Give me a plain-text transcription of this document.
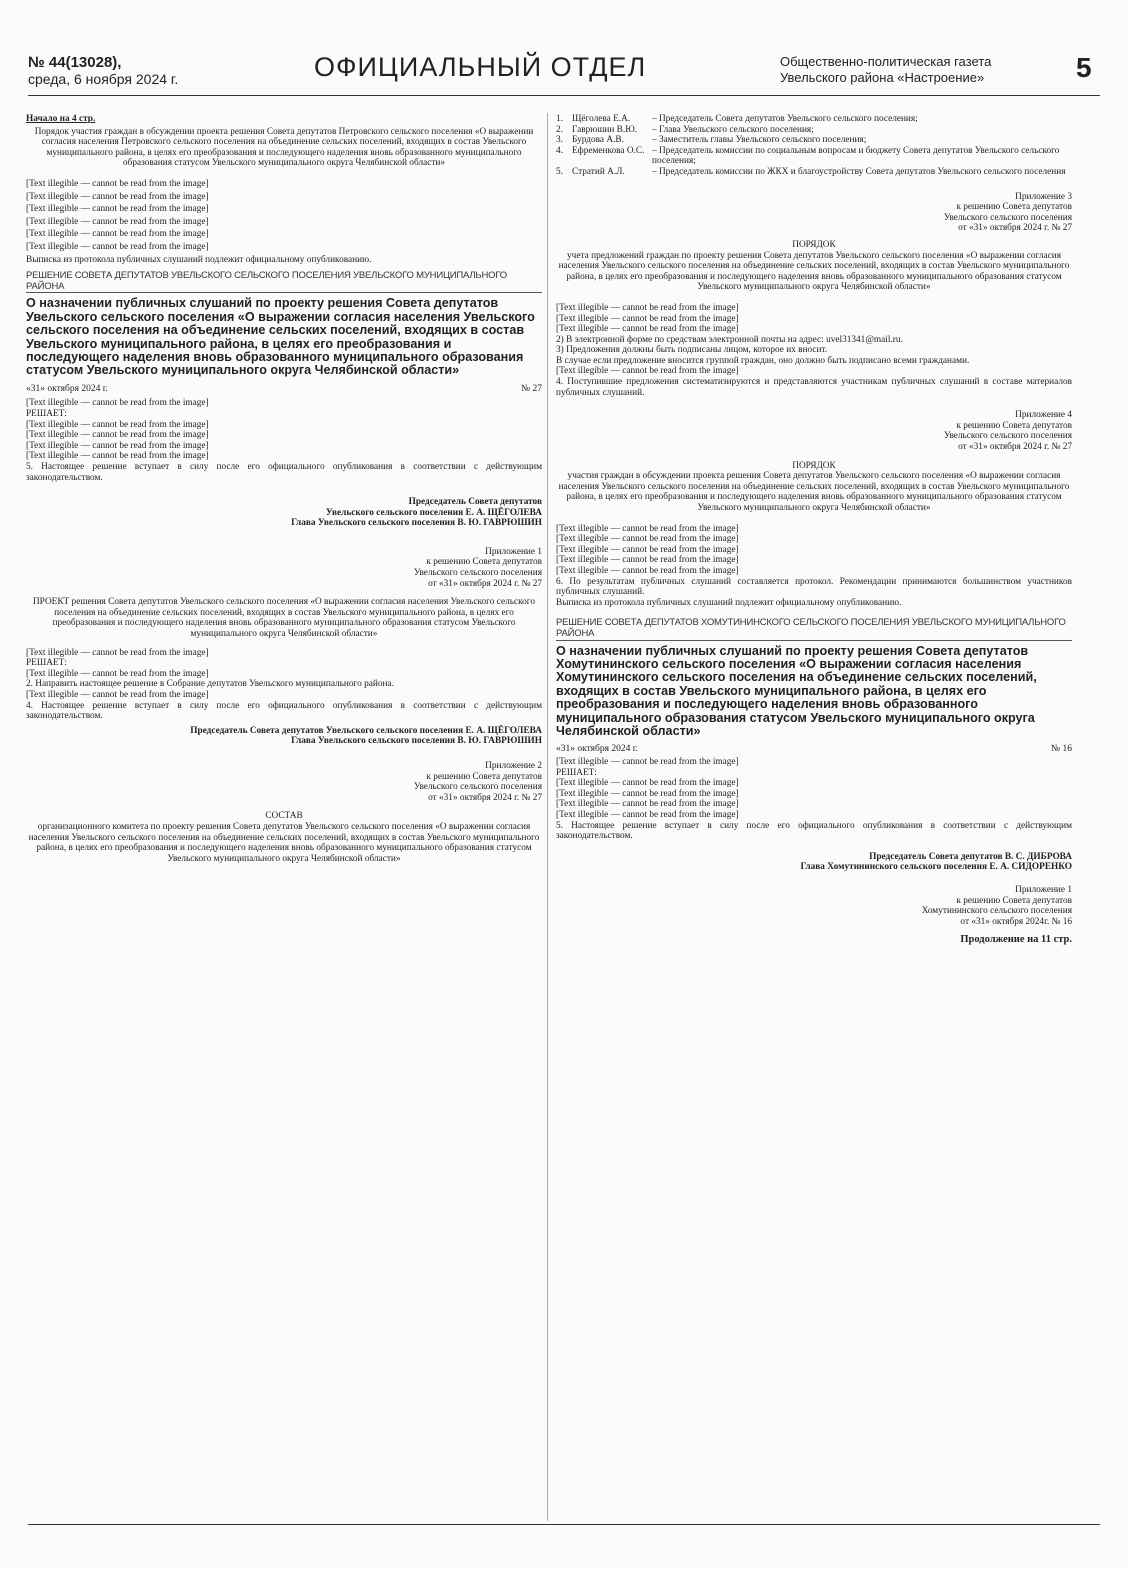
№ 44(13028),
среда, 6 ноября 2024 г.	ОФИЦИАЛЬНЫЙ ОТДЕЛ	Общественно-политическая газета
Увельского района «Настроение»	5
Начало на 4 стр.
Порядок участия граждан в обсуждении проекта решения Совета депутатов Петровского сельского поселения «О выражении согласия населения Петровского сельского поселения на объединение сельских поселений, входящих в состав Увельского муниципального района, в целях его преобразования и последующего наделения вновь образованного муниципального образования статусом Увельского муниципального округа Челябинской области»
[Text illegible — cannot be read from the image]
[Text illegible — cannot be read from the image]
[Text illegible — cannot be read from the image]
[Text illegible — cannot be read from the image]
[Text illegible — cannot be read from the image]
[Text illegible — cannot be read from the image]
Выписка из протокола публичных слушаний подлежит официальному опубликованию.
РЕШЕНИЕ СОВЕТА ДЕПУТАТОВ УВЕЛЬСКОГО СЕЛЬСКОГО ПОСЕЛЕНИЯ УВЕЛЬСКОГО МУНИЦИПАЛЬНОГО РАЙОНА
О назначении публичных слушаний по проекту решения Совета депутатов Увельского сельского поселения «О выражении согласия населения Увельского сельского поселения на объединение сельских поселений, входящих в состав Увельского муниципального района, в целях его преобразования и последующего наделения вновь образованного муниципального образования статусом Увельского муниципального округа Челябинской области»
«31» октября 2024 г.	№ 27
[Text illegible — cannot be read from the image]
РЕШАЕТ:
[Text illegible — cannot be read from the image]
[Text illegible — cannot be read from the image]
[Text illegible — cannot be read from the image]
[Text illegible — cannot be read from the image]
5. Настоящее решение вступает в силу после его официального опубликования в соответствии с действующим законодательством.
Председатель Совета депутатов
Увельского сельского поселения Е. А. ЩЁГОЛЕВА
Глава Увельского сельского поселения В. Ю. ГАВРЮШИН
Приложение 1
к решению Совета депутатов
Увельского сельского поселения
от «31» октября 2024 г. № 27
ПРОЕКТ решения Совета депутатов Увельского сельского поселения «О выражении согласия населения Увельского сельского поселения на объединение сельских поселений, входящих в состав Увельского муниципального района, в целях его преобразования и последующего наделения вновь образованного муниципального образования статусом Увельского муниципального округа Челябинской области»
[Text illegible — cannot be read from the image]
РЕШАЕТ:
[Text illegible — cannot be read from the image]
2. Направить настоящее решение в Собрание депутатов Увельского муниципального района.
[Text illegible — cannot be read from the image]
4. Настоящее решение вступает в силу после его официального опубликования в соответствии с действующим законодательством.
Председатель Совета депутатов Увельского сельского поселения Е. А. ЩЁГОЛЕВА
Глава Увельского сельского поселения В. Ю. ГАВРЮШИН
Приложение 2
к решению Совета депутатов
Увельского сельского поселения
от «31» октября 2024 г. № 27
СОСТАВ
организационного комитета по проекту решения Совета депутатов Увельского сельского поселения «О выражении согласия населения Увельского сельского поселения на объединение сельских поселений, входящих в состав Увельского муниципального района, в целях его преобразования и последующего наделения вновь образованного муниципального образования статусом Увельского муниципального округа Челябинской области»
1. Щёголева Е.А.	– Председатель Совета депутатов Увельского сельского поселения;
2. Гаврюшин В.Ю.	– Глава Увельского сельского поселения;
3. Бурдова А.В.	– Заместитель главы Увельского сельского поселения;
4. Ефременкова О.С. – Председатель комиссии по социальным вопросам и бюджету Совета депутатов Увельского сельского поселения;
5. Стратий А.Л.	– Председатель комиссии по ЖКХ и благоустройству Совета депутатов Увельского сельского поселения
Приложение 3
к решению Совета депутатов
Увельского сельского поселения
от «31» октября 2024 г. № 27
ПОРЯДОК
учета предложений граждан по проекту решения Совета депутатов Увельского сельского поселения «О выражении согласия населения Увельского сельского поселения на объединение сельских поселений, входящих в состав Увельского муниципального района, в целях его преобразования и последующего наделения вновь образованного муниципального образования статусом Увельского муниципального округа Челябинской области»
[Text illegible — cannot be read from the image]
[Text illegible — cannot be read from the image]
[Text illegible — cannot be read from the image]
2) В электронной форме по средствам электронной почты на адрес: uvel31341@mail.ru.
3) Предложения должны быть подписаны лицом, которое их вносит.
В случае если предложение вносится группой граждан, оно должно быть подписано всеми гражданами.
[Text illegible — cannot be read from the image]
4. Поступившие предложения систематизируются и представляются участникам публичных слушаний в составе материалов публичных слушаний.
Приложение 4
к решению Совета депутатов
Увельского сельского поселения
от «31» октября 2024 г. № 27
ПОРЯДОК
участия граждан в обсуждении проекта решения Совета депутатов Увельского сельского поселения «О выражении согласия населения Увельского сельского поселения на объединение сельских поселений, входящих в состав Увельского муниципального района, в целях его преобразования и последующего наделения вновь образованного муниципального образования статусом Увельского муниципального округа Челябинской области»
[Text illegible — cannot be read from the image]
[Text illegible — cannot be read from the image]
[Text illegible — cannot be read from the image]
[Text illegible — cannot be read from the image]
[Text illegible — cannot be read from the image]
6. По результатам публичных слушаний составляется протокол. Рекомендации принимаются большинством участников публичных слушаний.
Выписка из протокола публичных слушаний подлежит официальному опубликованию.
РЕШЕНИЕ СОВЕТА ДЕПУТАТОВ ХОМУТИНИНСКОГО СЕЛЬСКОГО ПОСЕЛЕНИЯ УВЕЛЬСКОГО МУНИЦИПАЛЬНОГО РАЙОНА
О назначении публичных слушаний по проекту решения Совета депутатов Хомутининского сельского поселения «О выражении согласия населения Хомутининского сельского поселения на объединение сельских поселений, входящих в состав Увельского муниципального района, в целях его преобразования и последующего наделения вновь образованного муниципального образования статусом Увельского муниципального округа Челябинской области»
«31» октября 2024 г.	№ 16
[Text illegible — cannot be read from the image]
РЕШАЕТ:
[Text illegible — cannot be read from the image]
[Text illegible — cannot be read from the image]
[Text illegible — cannot be read from the image]
[Text illegible — cannot be read from the image]
5. Настоящее решение вступает в силу после его официального опубликования в соответствии с действующим законодательством.
Председатель Совета депутатов В. С. ДИБРОВА
Глава Хомутининского сельского поселения Е. А. СИДОРЕНКО
Приложение 1
к решению Совета депутатов
Хомутининского сельского поселения
от «31» октября 2024г. № 16
Продолжение на 11 стр.
